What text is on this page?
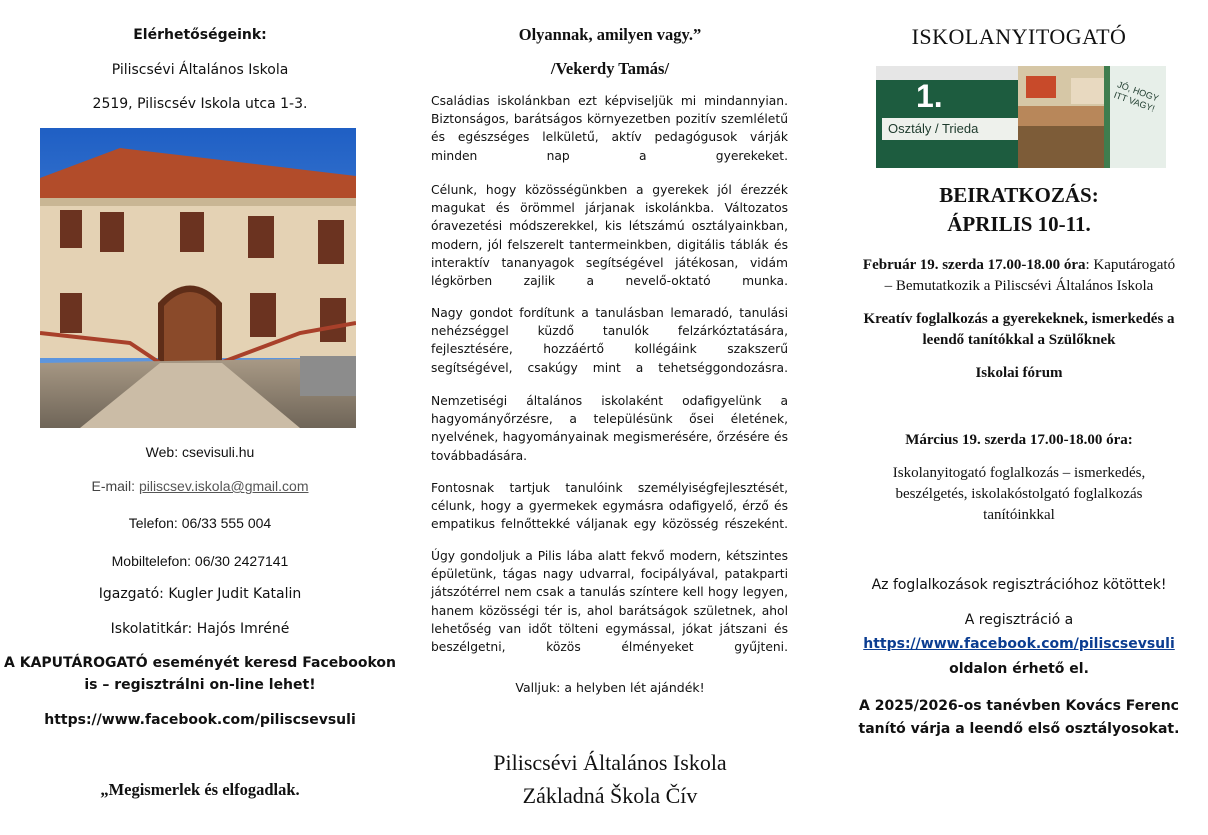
Elérhetőségeink:

Piliscsévi Általános Iskola

2519, Piliscsév Iskola utca 1-3.

Web: csevisuli.hu

E-mail: piliscsev.iskola@gmail.com

Telefon: 06/33 555 004

Mobiltelefon: 06/30 2427141

Igazgató: Kugler Judit Katalin

Iskolatitkár: Hajós Imréné

A KAPUTÁROGATÓ eseményét keresd Facebookon

is – regisztrálni on-line lehet!

https://www.facebook.com/piliscsevsuli

„Megismerlek és elfogadlak.

Olyannak, amilyen vagy.”

/Vekerdy Tamás/

Családias iskolánkban ezt képviseljük mi mindannyian. Biztonságos, barátságos környezetben pozitív szemléletű és egészséges lelkületű, aktív pedagógusok várják minden nap a gyerekeket.

Célunk, hogy közösségünkben a gyerekek jól érezzék magukat és örömmel járjanak iskolánkba. Változatos óravezetési módszerekkel, kis létszámú osztályainkban, modern, jól felszerelt tantermeinkben, digitális táblák és interaktív tananyagok segítségével játékosan, vidám légkörben zajlik a nevelő-oktató munka.

Nagy gondot fordítunk a tanulásban lemaradó, tanulási nehézséggel küzdő tanulók felzárkóztatására, fejlesztésére, hozzáértő kollégáink szakszerű segítségével, csakúgy mint a tehetséggondozásra.

Nemzetiségi általános iskolaként odafigyelünk a hagyományőrzésre, a településünk ősei életének, nyelvének, hagyományainak megismerésére, őrzésére és továbbadására.

Fontosnak tartjuk tanulóink személyiségfejlesztését, célunk, hogy a gyermekek egymásra odafigyelő, érző és empatikus felnőttekké váljanak egy közösség részeként.

Úgy gondoljuk a Pilis lába alatt fekvő modern, kétszintes épületünk, tágas nagy udvarral, focipályával, patakparti játszótérrel nem csak a tanulás színtere kell hogy legyen, hanem közösségi tér is, ahol barátságok születnek, ahol lehetőség van időt tölteni egymással, jókat játszani és beszélgetni, közös élményeket gyűjteni.

Valljuk: a helyben lét ajándék!

Piliscsévi Általános Iskola

Základná Škola Čív

ISKOLANYITOGATÓ

1.
Osztály / Trieda
JÓ, HOGY ITT VAGY!

BEIRATKOZÁS:

ÁPRILIS 10-11.

Február 19. szerda 17.00-18.00 óra: Kaputárogató

– Bemutatkozik a Piliscsévi Általános Iskola

Kreatív foglalkozás a gyerekeknek, ismerkedés a

leendő tanítókkal a Szülőknek

Iskolai fórum

Március 19. szerda 17.00-18.00 óra:

Iskolanyitogató foglalkozás – ismerkedés,

beszélgetés, iskolakóstolgató foglalkozás

tanítóinkkal

Az foglalkozások regisztrációhoz kötöttek!

A regisztráció a

https://www.facebook.com/piliscsevsuli

oldalon érhető el.

A 2025/2026-os tanévben Kovács Ferenc

tanító várja a leendő első osztályosokat.
